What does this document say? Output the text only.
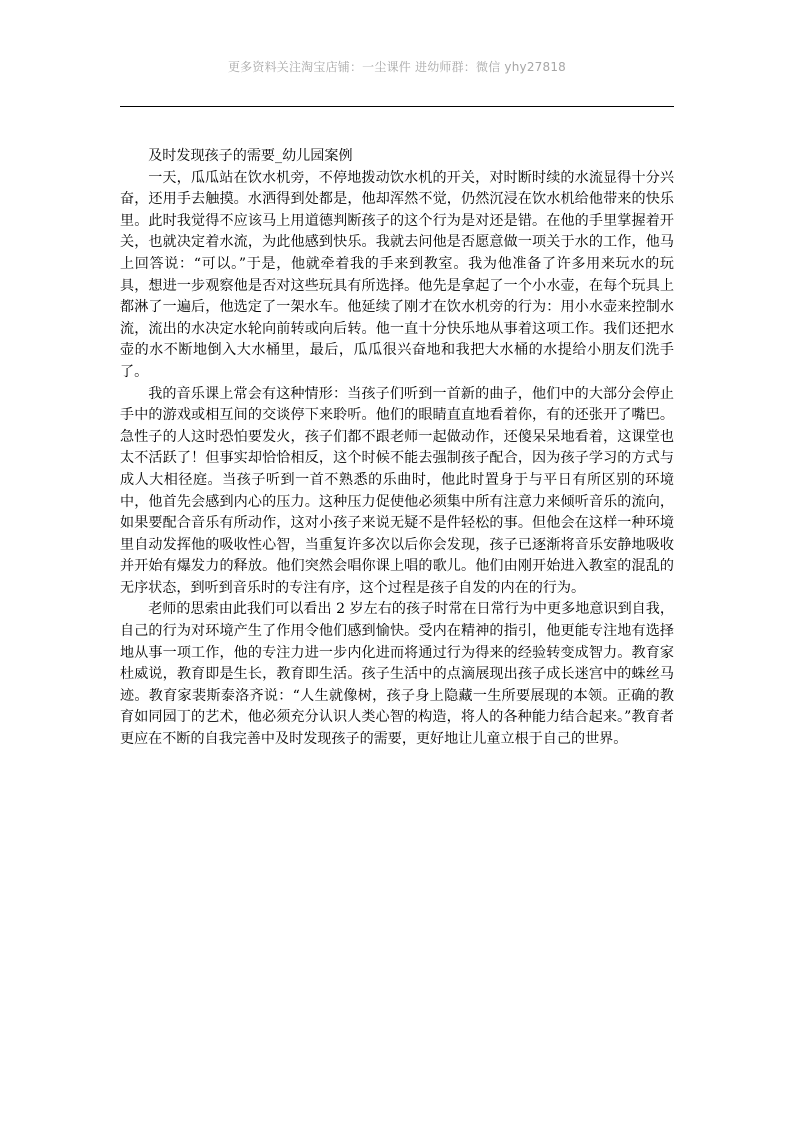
更多资料关注淘宝店铺：一尘课件 进幼师群：微信 yhy27818
及时发现孩子的需要_幼儿园案例

一天，瓜瓜站在饮水机旁，不停地拨动饮水机的开关，对时断时续的水流显得十分兴奋，还用手去触摸。水洒得到处都是，他却浑然不觉，仍然沉浸在饮水机给他带来的快乐里。此时我觉得不应该马上用道德判断孩子的这个行为是对还是错。在他的手里掌握着开关，也就决定着水流，为此他感到快乐。我就去问他是否愿意做一项关于水的工作，他马上回答说：“可以。”于是，他就牵着我的手来到教室。我为他准备了许多用来玩水的玩具，想进一步观察他是否对这些玩具有所选择。他先是拿起了一个小水壶，在每个玩具上都淋了一遍后，他选定了一架水车。他延续了刚才在饮水机旁的行为：用小水壶来控制水流，流出的水决定水轮向前转或向后转。他一直十分快乐地从事着这项工作。我们还把水壶的水不断地倒入大水桶里，最后，瓜瓜很兴奋地和我把大水桶的水提给小朋友们洗手了。

我的音乐课上常会有这种情形：当孩子们听到一首新的曲子，他们中的大部分会停止手中的游戏或相互间的交谈停下来聆听。他们的眼睛直直地看着你，有的还张开了嘴巴。急性子的人这时恐怕要发火，孩子们都不跟老师一起做动作，还傻呆呆地看着，这课堂也太不活跃了！但事实却恰恰相反，这个时候不能去强制孩子配合，因为孩子学习的方式与成人大相径庭。当孩子听到一首不熟悉的乐曲时，他此时置身于与平日有所区别的环境中，他首先会感到内心的压力。这种压力促使他必须集中所有注意力来倾听音乐的流向，如果要配合音乐有所动作，这对小孩子来说无疑不是件轻松的事。但他会在这样一种环境里自动发挥他的吸收性心智，当重复许多次以后你会发现，孩子已逐渐将音乐安静地吸收并开始有爆发力的释放。他们突然会唱你课上唱的歌儿。他们由刚开始进入教室的混乱的无序状态，到听到音乐时的专注有序，这个过程是孩子自发的内在的行为。

老师的思索由此我们可以看出 2 岁左右的孩子时常在日常行为中更多地意识到自我，自己的行为对环境产生了作用令他们感到愉快。受内在精神的指引，他更能专注地有选择地从事一项工作，他的专注力进一步内化进而将通过行为得来的经验转变成智力。教育家杜威说，教育即是生长，教育即生活。孩子生活中的点滴展现出孩子成长迷宫中的蛛丝马迹。教育家裴斯泰洛齐说：“人生就像树，孩子身上隐藏一生所要展现的本领。正确的教育如同园丁的艺术，他必须充分认识人类心智的构造，将人的各种能力结合起来。”教育者更应在不断的自我完善中及时发现孩子的需要，更好地让儿童立根于自己的世界。
